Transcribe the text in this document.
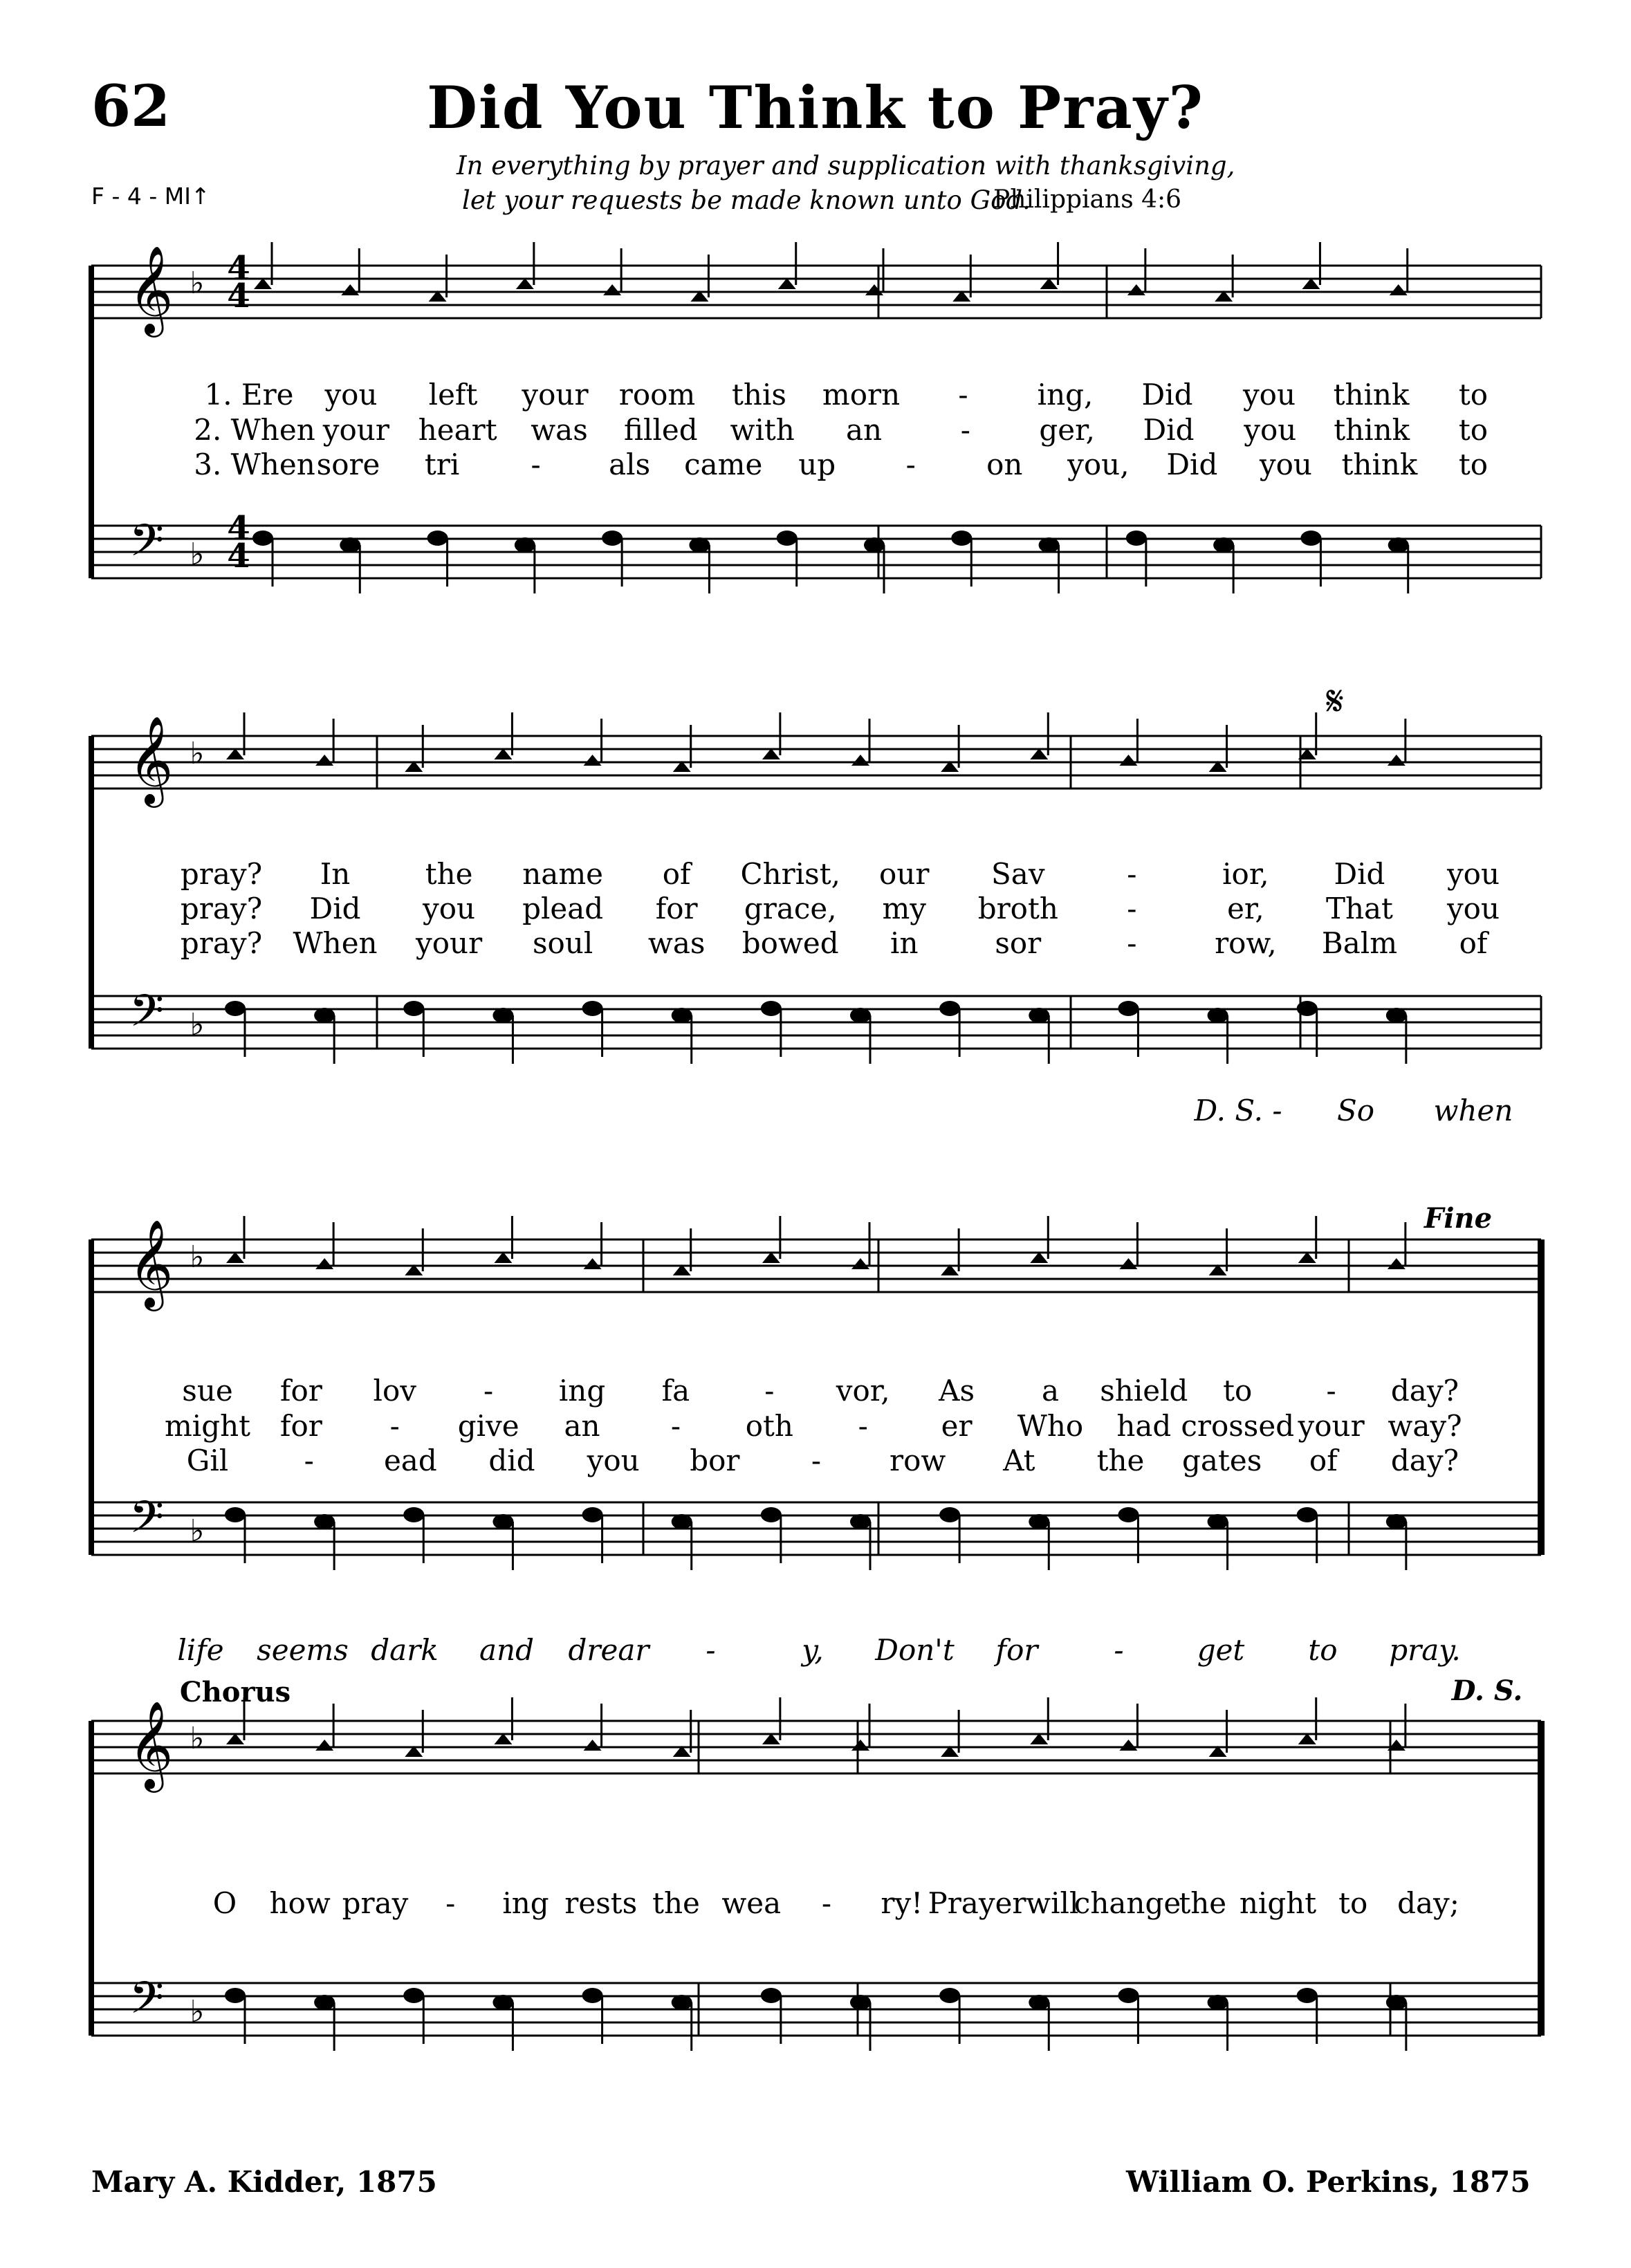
62	Did You Think to Pray?
In everything by prayer and supplication with thanksgiving,
let your requests be made known unto God.
Philippians 4:6
F - 4 - MI↑
𝄞
𝄢
♭
♭
𝄞
𝄢
♭
♭
𝄞
𝄢
♭
♭
𝄞
𝄢
♭
♭
4
4
4
4
𝄋
Fine
Chorus	D. S.
1. Ere you left your room this morn - ing, Did you think to
2. When your heart was filled with an	- ger, Did you think to
3. When sore tri - als came up - on you, Did you think to
pray? In	the name of Christ, our Sav	-	ior, Did you
pray? Did you plead for grace, my broth -	er, That you
pray? When your soul was bowed in	sor	-	row, Balm of
D. S. - So when
sue for lov - ing fa	- vor, As a shield to	- day?
might for - give an - oth -	er Who had crossed your way?
Gil	- ead did you bor - row At the gates of day?
life seems dark and drear -	y, Don't for	-	get to pray.
O how pray - ing rests the wea - ry! Prayer will
change
the night to day;
Mary A. Kidder, 1875	William O. Perkins, 1875
